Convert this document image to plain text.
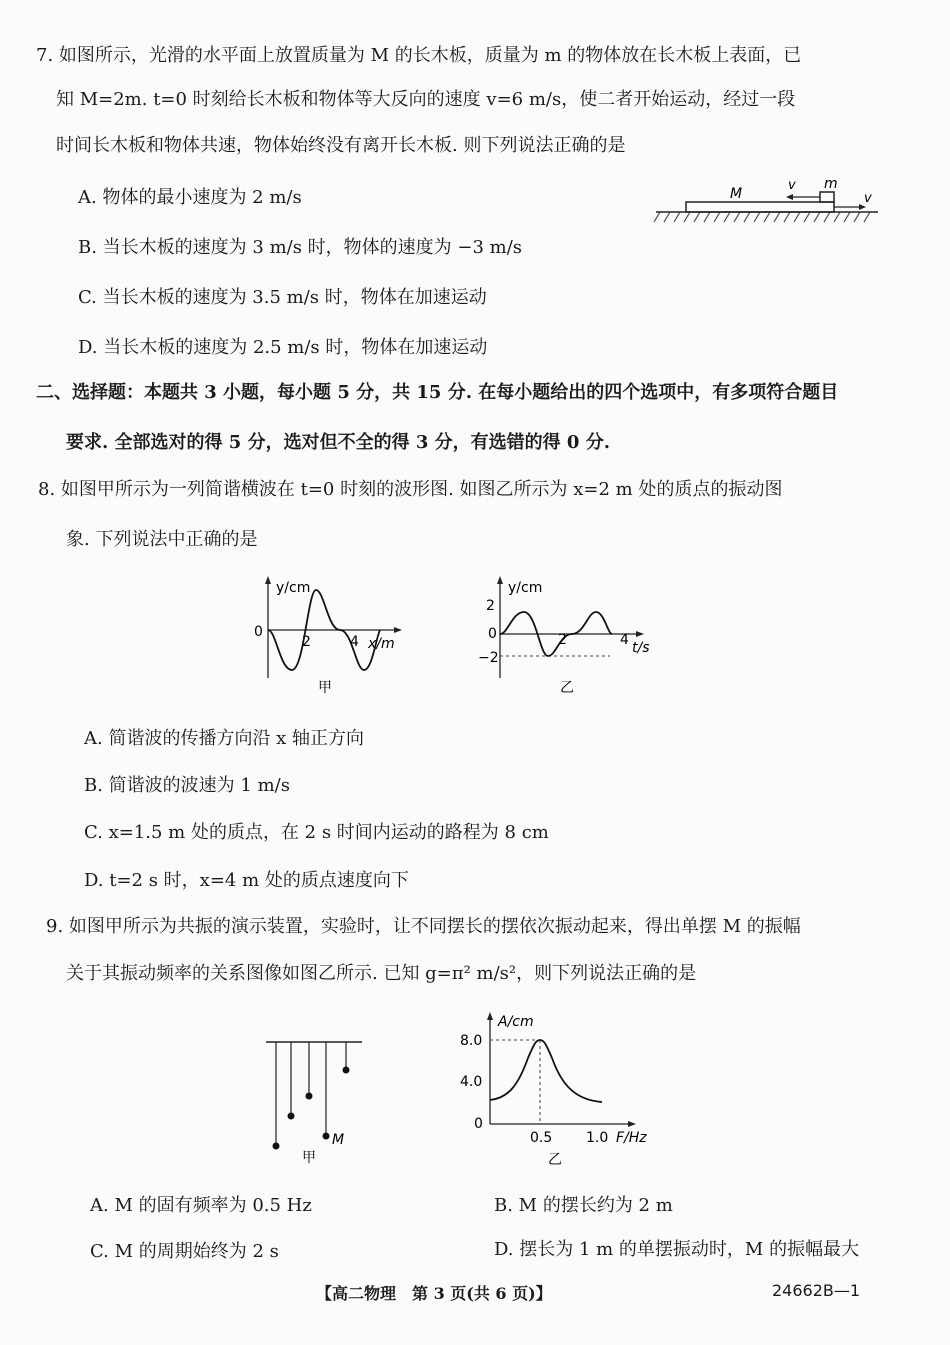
7. 如图所示，光滑的水平面上放置质量为 M 的长木板，质量为 m 的物体放在长木板上表面，已
知 M=2m. t=0 时刻给长木板和物体等大反向的速度 v=6 m/s，使二者开始运动，经过一段
时间长木板和物体共速，物体始终没有离开长木板. 则下列说法正确的是
A. 物体的最小速度为 2 m/s
B. 当长木板的速度为 3 m/s 时，物体的速度为 −3 m/s
C. 当长木板的速度为 3.5 m/s 时，物体在加速运动
D. 当长木板的速度为 2.5 m/s 时，物体在加速运动
M
m
v
v
二、选择题：本题共 3 小题，每小题 5 分，共 15 分. 在每小题给出的四个选项中，有多项符合题目
要求. 全部选对的得 5 分，选对但不全的得 3 分，有选错的得 0 分.
8. 如图甲所示为一列简谐横波在 t=0 时刻的波形图. 如图乙所示为 x=2 m 处的质点的振动图
象. 下列说法中正确的是
y/cm
0
2	4 x/m
甲
y/cm
2
0
−2
2	4 t/s
乙
A. 简谐波的传播方向沿 x 轴正方向
B. 简谐波的波速为 1 m/s
C. x=1.5 m 处的质点，在 2 s 时间内运动的路程为 8 cm
D. t=2 s 时，x=4 m 处的质点速度向下
9. 如图甲所示为共振的演示装置，实验时，让不同摆长的摆依次振动起来，得出单摆 M 的振幅
关于其振动频率的关系图像如图乙所示. 已知 g=π² m/s²，则下列说法正确的是
M
甲
A/cm
8.0
4.0
0
0.5 1.0 F/Hz
乙
A. M 的固有频率为 0.5 Hz	B. M 的摆长约为 2 m
C. M 的周期始终为 2 s	D. 摆长为 1 m 的单摆振动时，M 的振幅最大
【高二物理　第 3 页(共 6 页)】	24662B—1
